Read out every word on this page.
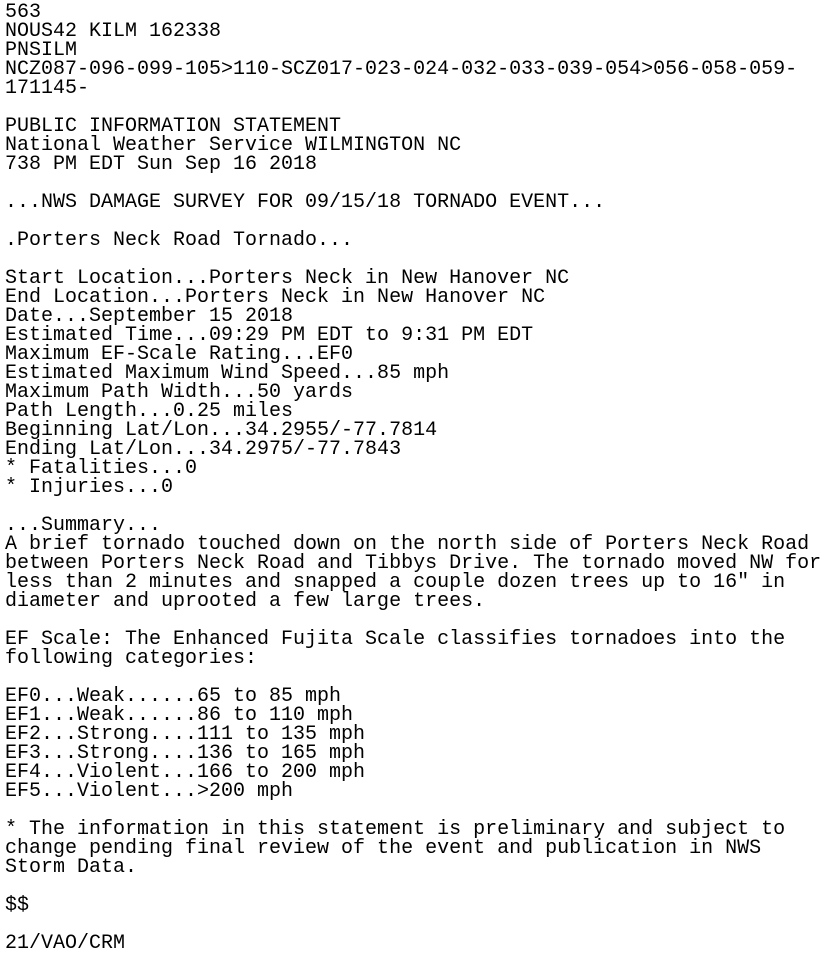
563
NOUS42 KILM 162338
PNSILM
NCZ087-096-099-105>110-SCZ017-023-024-032-033-039-054>056-058-059-
171145-
PUBLIC INFORMATION STATEMENT
National Weather Service WILMINGTON NC
738 PM EDT Sun Sep 16 2018
...NWS DAMAGE SURVEY FOR 09/15/18 TORNADO EVENT...
.Porters Neck Road Tornado...
Start Location...Porters Neck in New Hanover NC
End Location...Porters Neck in New Hanover NC
Date...September 15 2018
Estimated Time...09:29 PM EDT to 9:31 PM EDT
Maximum EF-Scale Rating...EF0
Estimated Maximum Wind Speed...85 mph
Maximum Path Width...50 yards
Path Length...0.25 miles
Beginning Lat/Lon...34.2955/-77.7814
Ending Lat/Lon...34.2975/-77.7843
* Fatalities...0
* Injuries...0
...Summary...
A brief tornado touched down on the north side of Porters Neck Road
between Porters Neck Road and Tibbys Drive. The tornado moved NW for
less than 2 minutes and snapped a couple dozen trees up to 16" in
diameter and uprooted a few large trees.
EF Scale: The Enhanced Fujita Scale classifies tornadoes into the
following categories:
EF0...Weak......65 to 85 mph
EF1...Weak......86 to 110 mph
EF2...Strong....111 to 135 mph
EF3...Strong....136 to 165 mph
EF4...Violent...166 to 200 mph
EF5...Violent...>200 mph
* The information in this statement is preliminary and subject to
change pending final review of the event and publication in NWS
Storm Data.
$$
21/VAO/CRM
